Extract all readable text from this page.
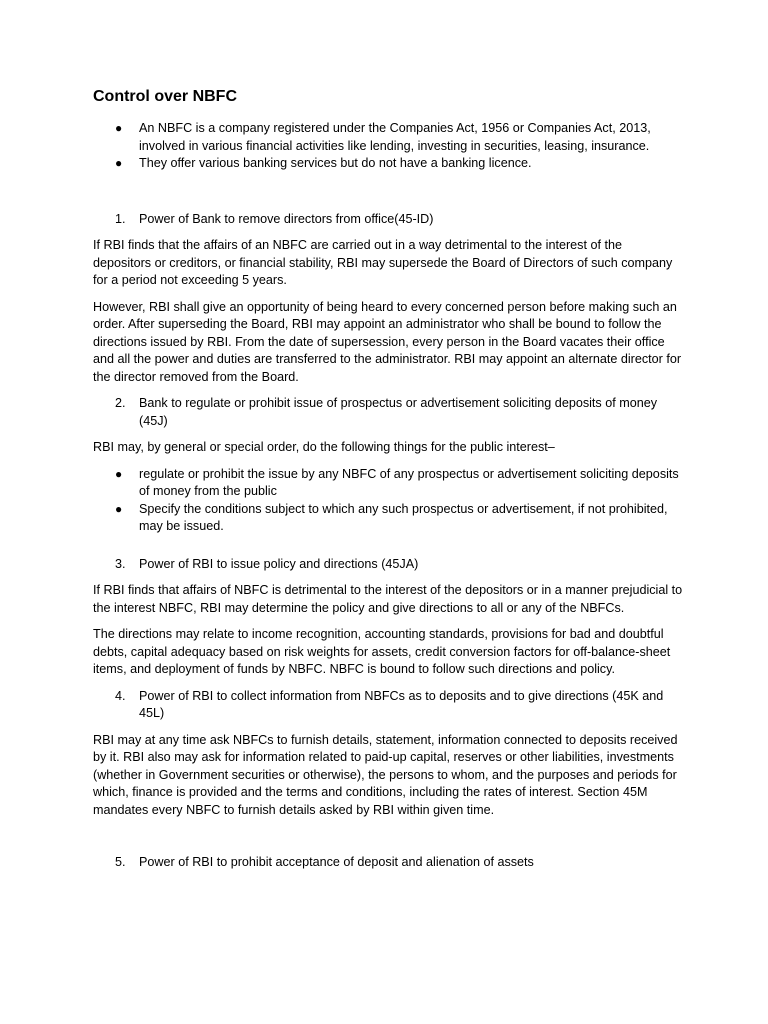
Control over NBFC
● An NBFC is a company registered under the Companies Act, 1956 or Companies Act, 2013, involved in various financial activities like lending, investing in securities, leasing, insurance.
● They offer various banking services but do not have a banking licence.
1. Power of Bank to remove directors from office(45-ID)

If RBI finds that the affairs of an NBFC are carried out in a way detrimental to the interest of the depositors or creditors, or financial stability, RBI may supersede the Board of Directors of such company for a period not exceeding 5 years.

However, RBI shall give an opportunity of being heard to every concerned person before making such an order. After superseding the Board, RBI may appoint an administrator who shall be bound to follow the directions issued by RBI. From the date of supersession, every person in the Board vacates their office and all the power and duties are transferred to the administrator. RBI may appoint an alternate director for the director removed from the Board.

2. Bank to regulate or prohibit issue of prospectus or advertisement soliciting deposits of money (45J)

RBI may, by general or special order, do the following things for the public interest–

● regulate or prohibit the issue by any NBFC of any prospectus or advertisement soliciting deposits of money from the public
● Specify the conditions subject to which any such prospectus or advertisement, if not prohibited, may be issued.
3. Power of RBI to issue policy and directions (45JA)

If RBI finds that affairs of NBFC is detrimental to the interest of the depositors or in a manner prejudicial to the interest NBFC, RBI may determine the policy and give directions to all or any of the NBFCs.

The directions may relate to income recognition, accounting standards, provisions for bad and doubtful debts, capital adequacy based on risk weights for assets, credit conversion factors for off-balance-sheet items, and deployment of funds by NBFC. NBFC is bound to follow such directions and policy.

4. Power of RBI to collect information from NBFCs as to deposits and to give directions (45K and 45L)

RBI may at any time ask NBFCs to furnish details, statement, information connected to deposits received by it. RBI also may ask for information related to paid-up capital, reserves or other liabilities, investments (whether in Government securities or otherwise), the persons to whom, and the purposes and periods for which, finance is provided and the terms and conditions, including the rates of interest. Section 45M mandates every NBFC to furnish details asked by RBI within given time.

5. Power of RBI to prohibit acceptance of deposit and alienation of assets
